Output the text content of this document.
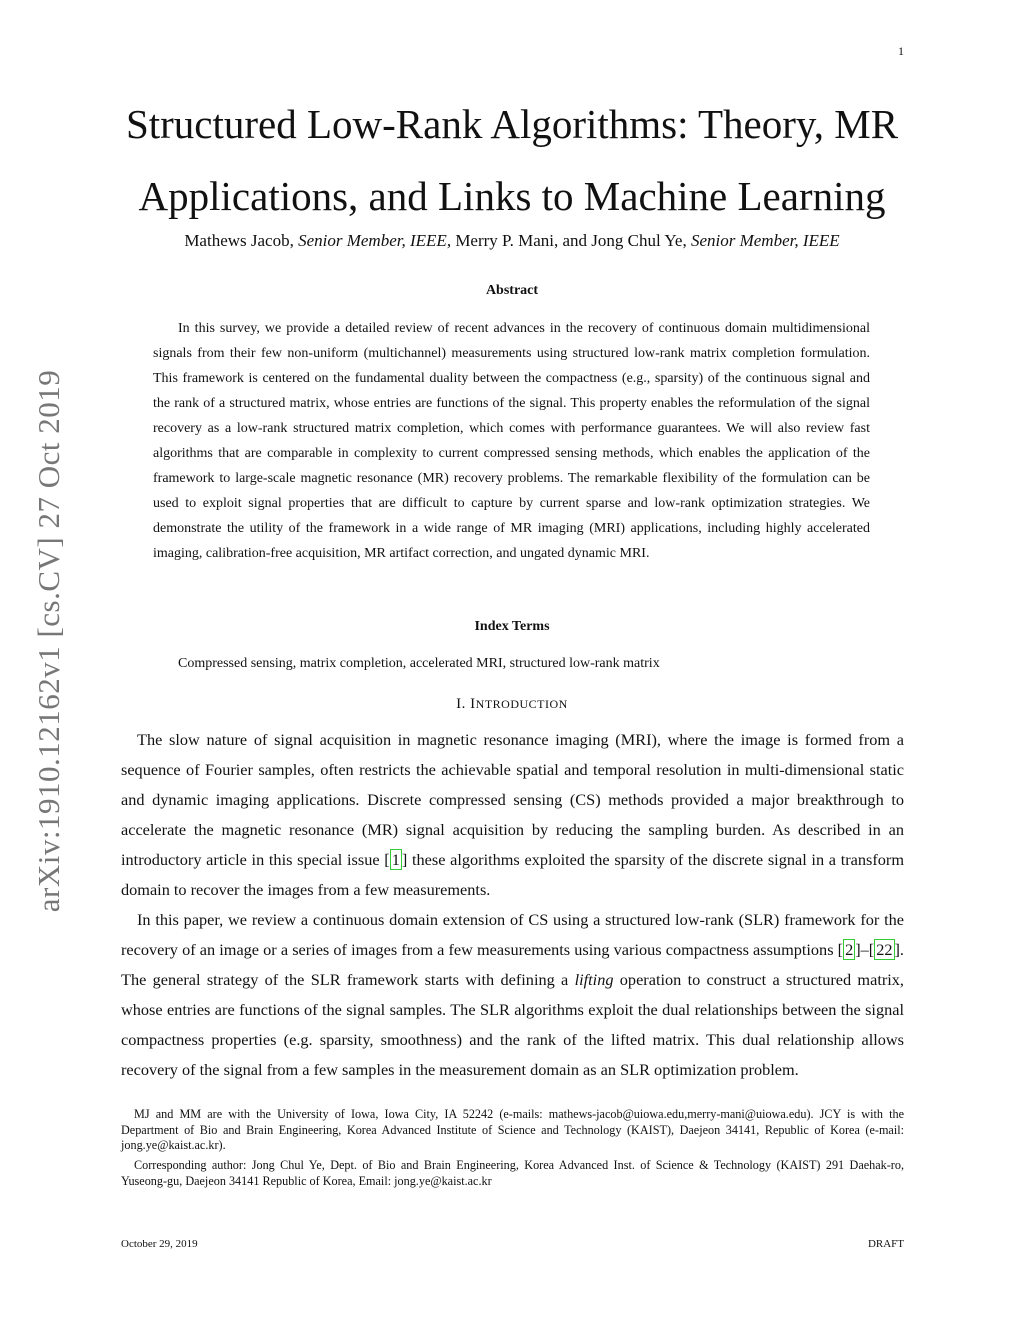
1
arXiv:1910.12162v1 [cs.CV] 27 Oct 2019
Structured Low-Rank Algorithms: Theory, MR
Applications, and Links to Machine Learning
Mathews Jacob, Senior Member, IEEE, Merry P. Mani, and Jong Chul Ye, Senior Member, IEEE
Abstract

In this survey, we provide a detailed review of recent advances in the recovery of continuous domain multidimensional signals from their few non-uniform (multichannel) measurements using structured low-rank matrix completion formulation. This framework is centered on the fundamental duality between the compactness (e.g., sparsity) of the continuous signal and the rank of a structured matrix, whose entries are functions of the signal. This property enables the reformulation of the signal recovery as a low-rank structured matrix completion, which comes with performance guarantees. We will also review fast algorithms that are comparable in complexity to current compressed sensing methods, which enables the application of the framework to large-scale magnetic resonance (MR) recovery problems. The remarkable flexibility of the formulation can be used to exploit signal properties that are difficult to capture by current sparse and low-rank optimization strategies. We demonstrate the utility of the framework in a wide range of MR imaging (MRI) applications, including highly accelerated imaging, calibration-free acquisition, MR artifact correction, and ungated dynamic MRI.

Index Terms
Compressed sensing, matrix completion, accelerated MRI, structured low-rank matrix
I. INTRODUCTION

The slow nature of signal acquisition in magnetic resonance imaging (MRI), where the image is formed from a sequence of Fourier samples, often restricts the achievable spatial and temporal resolution in multi-dimensional static and dynamic imaging applications. Discrete compressed sensing (CS) methods provided a major breakthrough to accelerate the magnetic resonance (MR) signal acquisition by reducing the sampling burden. As described in an introductory article in this special issue [ 1 ] these algorithms exploited the sparsity of the discrete signal in a transform domain to recover the images from a few measurements.

In this paper, we review a continuous domain extension of CS using a structured low-rank (SLR) framework for the recovery of an image or a series of images from a few measurements using various compactness assumptions [ 2 ]–[ 22 ]. The general strategy of the SLR framework starts with defining a lifting operation to construct a structured matrix, whose entries are functions of the signal samples. The SLR algorithms exploit the dual relationships between the signal compactness properties (e.g. sparsity, smoothness) and the rank of the lifted matrix. This dual relationship allows recovery of the signal from a few samples in the measurement domain as an SLR optimization problem.

MJ and MM are with the University of Iowa, Iowa City, IA 52242 (e-mails: mathews-jacob@uiowa.edu,merry-mani@uiowa.edu). JCY is with the Department of Bio and Brain Engineering, Korea Advanced Institute of Science and Technology (KAIST), Daejeon 34141, Republic of Korea (e-mail: jong.ye@kaist.ac.kr).

Corresponding author: Jong Chul Ye, Dept. of Bio and Brain Engineering, Korea Advanced Inst. of Science & Technology (KAIST) 291 Daehak-ro, Yuseong-gu, Daejeon 34141 Republic of Korea, Email: jong.ye@kaist.ac.kr

October 29, 2019	DRAFT
